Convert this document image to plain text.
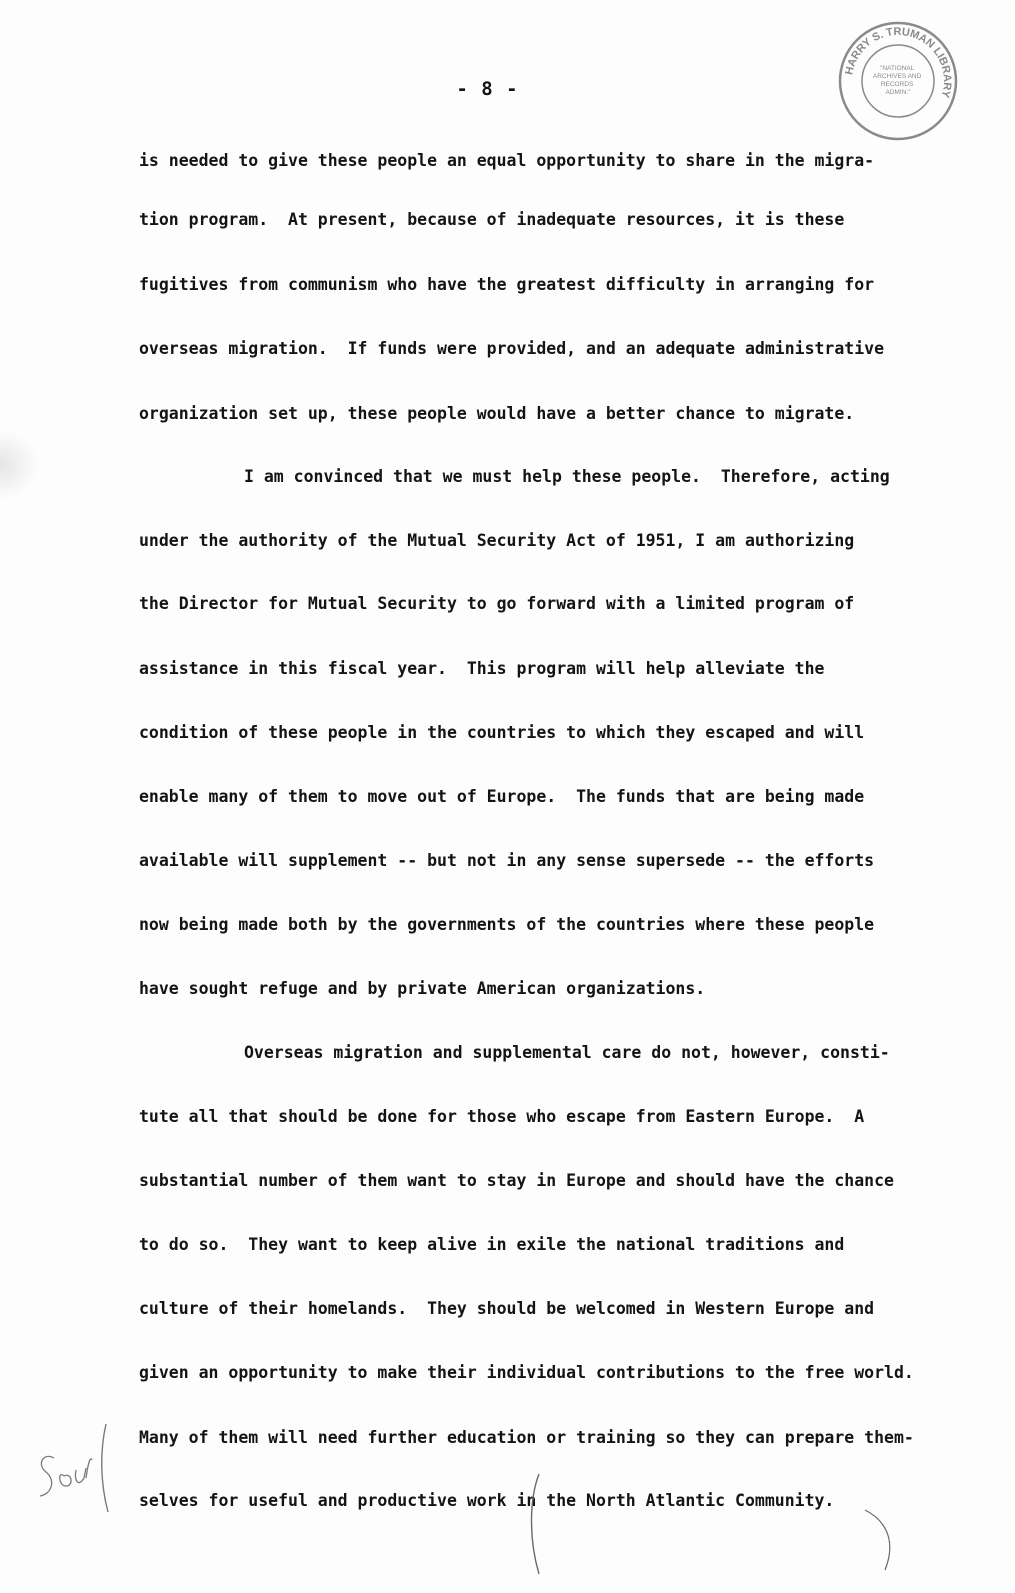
HARRY S. TRUMAN LIBRARY
"NATIONAL ARCHIVES AND RECORDS ADMIN."
- 8 -
is needed to give these people an equal opportunity to share in the migra-
tion program.  At present, because of inadequate resources, it is these
fugitives from communism who have the greatest difficulty in arranging for
overseas migration.  If funds were provided, and an adequate administrative
organization set up, these people would have a better chance to migrate.
I am convinced that we must help these people.  Therefore, acting
under the authority of the Mutual Security Act of 1951, I am authorizing
the Director for Mutual Security to go forward with a limited program of
assistance in this fiscal year.  This program will help alleviate the
condition of these people in the countries to which they escaped and will
enable many of them to move out of Europe.  The funds that are being made
available will supplement -- but not in any sense supersede -- the efforts
now being made both by the governments of the countries where these people
have sought refuge and by private American organizations.
Overseas migration and supplemental care do not, however, consti-
tute all that should be done for those who escape from Eastern Europe.  A
substantial number of them want to stay in Europe and should have the chance
to do so.  They want to keep alive in exile the national traditions and
culture of their homelands.  They should be welcomed in Western Europe and
given an opportunity to make their individual contributions to the free world.
Many of them will need further education or training so they can prepare them-
selves for useful and productive work in the North Atlantic Community.
